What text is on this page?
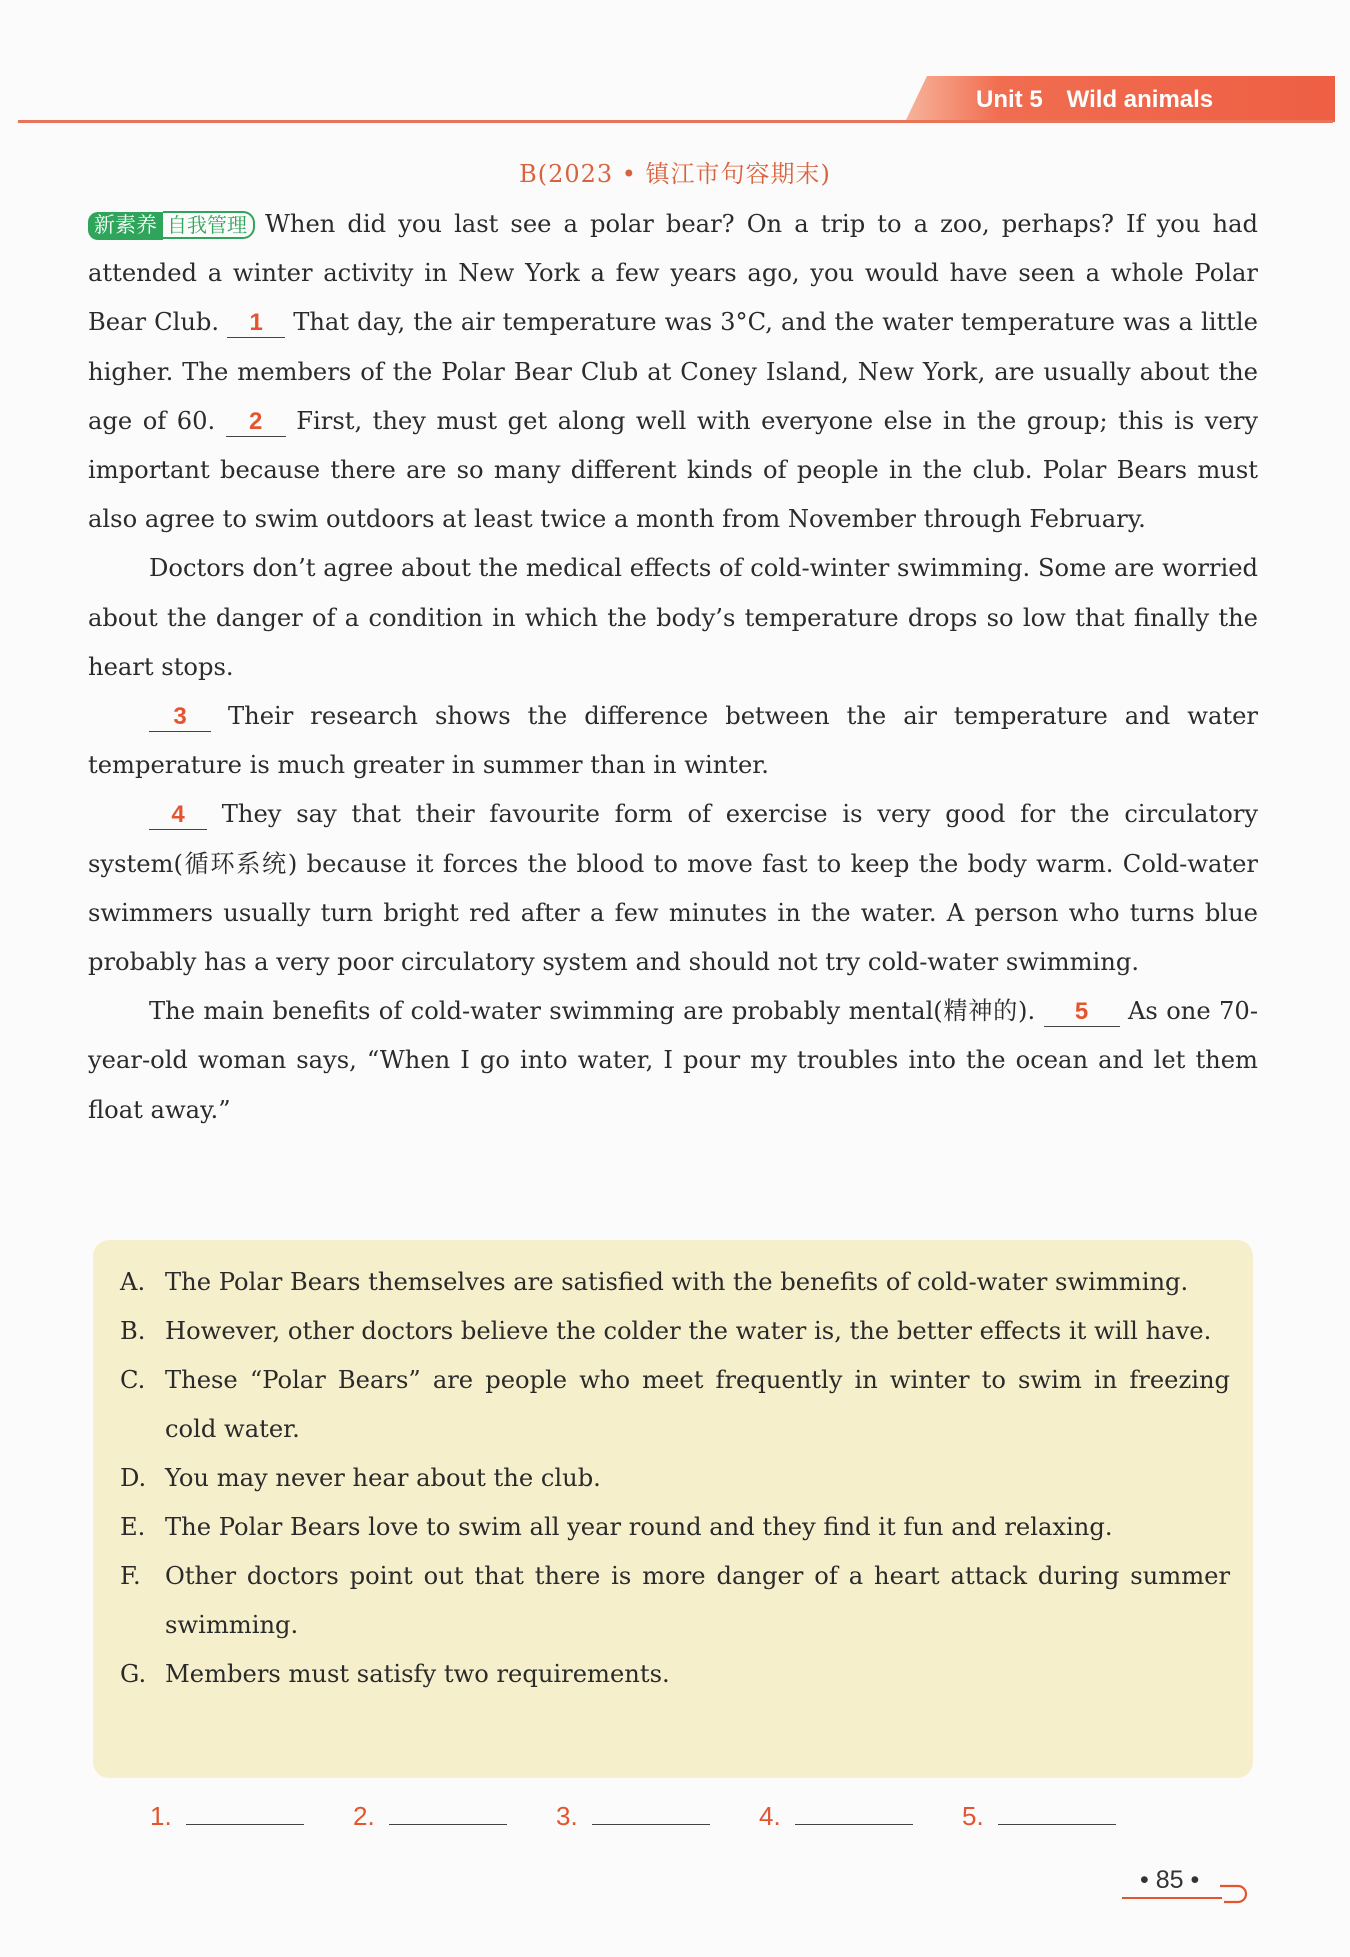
Unit 5 Wild animals
B(2023 • 镇江市句容期末)

新素养 自我管理 When did you last see a polar bear? On a trip to a zoo, perhaps? If you had attended a winter activity in New York a few years ago, you would have seen a whole Polar Bear Club. 1 That day, the air temperature was 3°C, and the water temperature was a little higher. The members of the Polar Bear Club at Coney Island, New York, are usually about the age of 60. 2 First, they must get along well with everyone else in the group; this is very important because there are so many different kinds of people in the club. Polar Bears must also agree to swim outdoors at least twice a month from November through February.

Doctors don’t agree about the medical effects of cold-winter swimming. Some are worried about the danger of a condition in which the body’s temperature drops so low that finally the heart stops.

3 Their research shows the difference between the air temperature and water temperature is much greater in summer than in winter.

4 They say that their favourite form of exercise is very good for the circulatory system(循环系统) because it forces the blood to move fast to keep the body warm. Cold-water swimmers usually turn bright red after a few minutes in the water. A person who turns blue probably has a very poor circulatory system and should not try cold-water swimming.

The main benefits of cold-water swimming are probably mental(精神的). 5 As one 70-year-old woman says, “When I go into water, I pour my troubles into the ocean and let them float away.”

A. The Polar Bears themselves are satisfied with the benefits of cold-water swimming.
B. However, other doctors believe the colder the water is, the better effects it will have.
C. These “Polar Bears” are people who meet frequently in winter to swim in freezing cold water.
D. You may never hear about the club.
E. The Polar Bears love to swim all year round and they find it fun and relaxing.
F. Other doctors point out that there is more danger of a heart attack during summer swimming.
G. Members must satisfy two requirements.
1.	2.	3.	4.	5.
• 85 •
